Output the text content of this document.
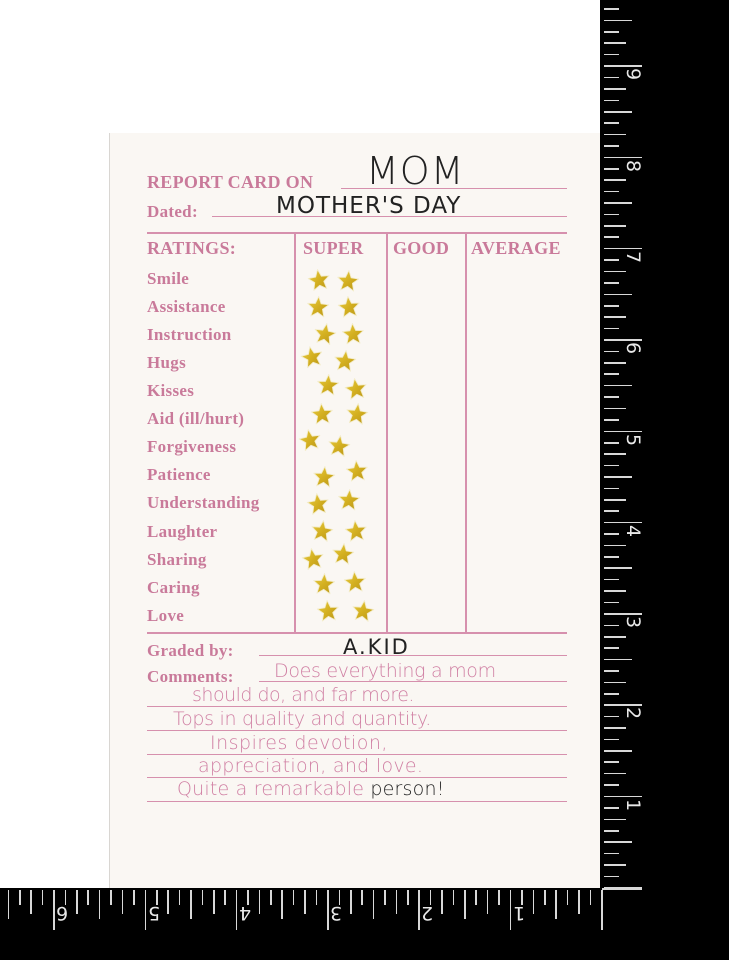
REPORT CARD ON MOM
Dated:	MOTHER'S DAY
RATINGS:	SUPER GOOD AVERAGE
Smile
Assistance
Instruction
Hugs
Kisses
Aid (ill/hurt)
Forgiveness
Patience
Understanding
Laughter
Sharing
Caring
Love
Graded by:	A.KID
Comments: Does everything a mom
should do, and far more.
Tops in quality and quantity.
Inspires devotion,
appreciation, and love.
Quite a remarkable person!
9
8
7
6
5
4
3
2
1
6	5	4	3	2	1
